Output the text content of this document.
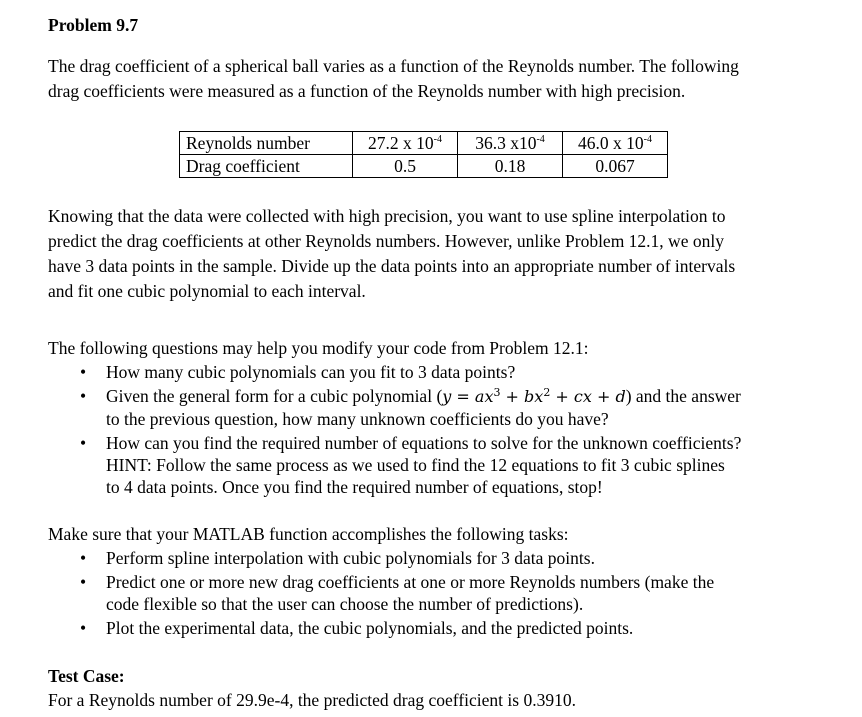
Problem 9.7
The drag coefficient of a spherical ball varies as a function of the Reynolds number. The following
drag coefficients were measured as a function of the Reynolds number with high precision.
Reynolds number	27.2 x $10^{-4}$	36.3 $x10^{-4}$	46.0 x $10^{-4}$
Drag coefficient	0.5	0.18	0.067
Knowing that the data were collected with high precision, you want to use spline interpolation to
predict the drag coefficients at other Reynolds numbers. However, unlike Problem 12.1, we only
have 3 data points in the sample. Divide up the data points into an appropriate number of intervals
and fit one cubic polynomial to each interval.
The following questions may help you modify your code from Problem 12.1:
• How many cubic polynomials can you fit to 3 data points?
• Given the general form for a cubic polynomial ($y = ax^3 + bx^2$ + cx + d) and the answer
to the previous question, how many unknown coefficients do you have?
• How can you find the required number of equations to solve for the unknown coefficients?
HINT: Follow the same process as we used to find the 12 equations to fit 3 cubic splines
to 4 data points. Once you find the required number of equations, stop!
Make sure that your MATLAB function accomplishes the following tasks:
• Perform spline interpolation with cubic polynomials for 3 data points.
• Predict one or more new drag coefficients at one or more Reynolds numbers (make the
code flexible so that the user can choose the number of predictions).
• Plot the experimental data, the cubic polynomials, and the predicted points.
Test Case:
For a Reynolds number of 29.9e-4, the predicted drag coefficient is 0.3910.
